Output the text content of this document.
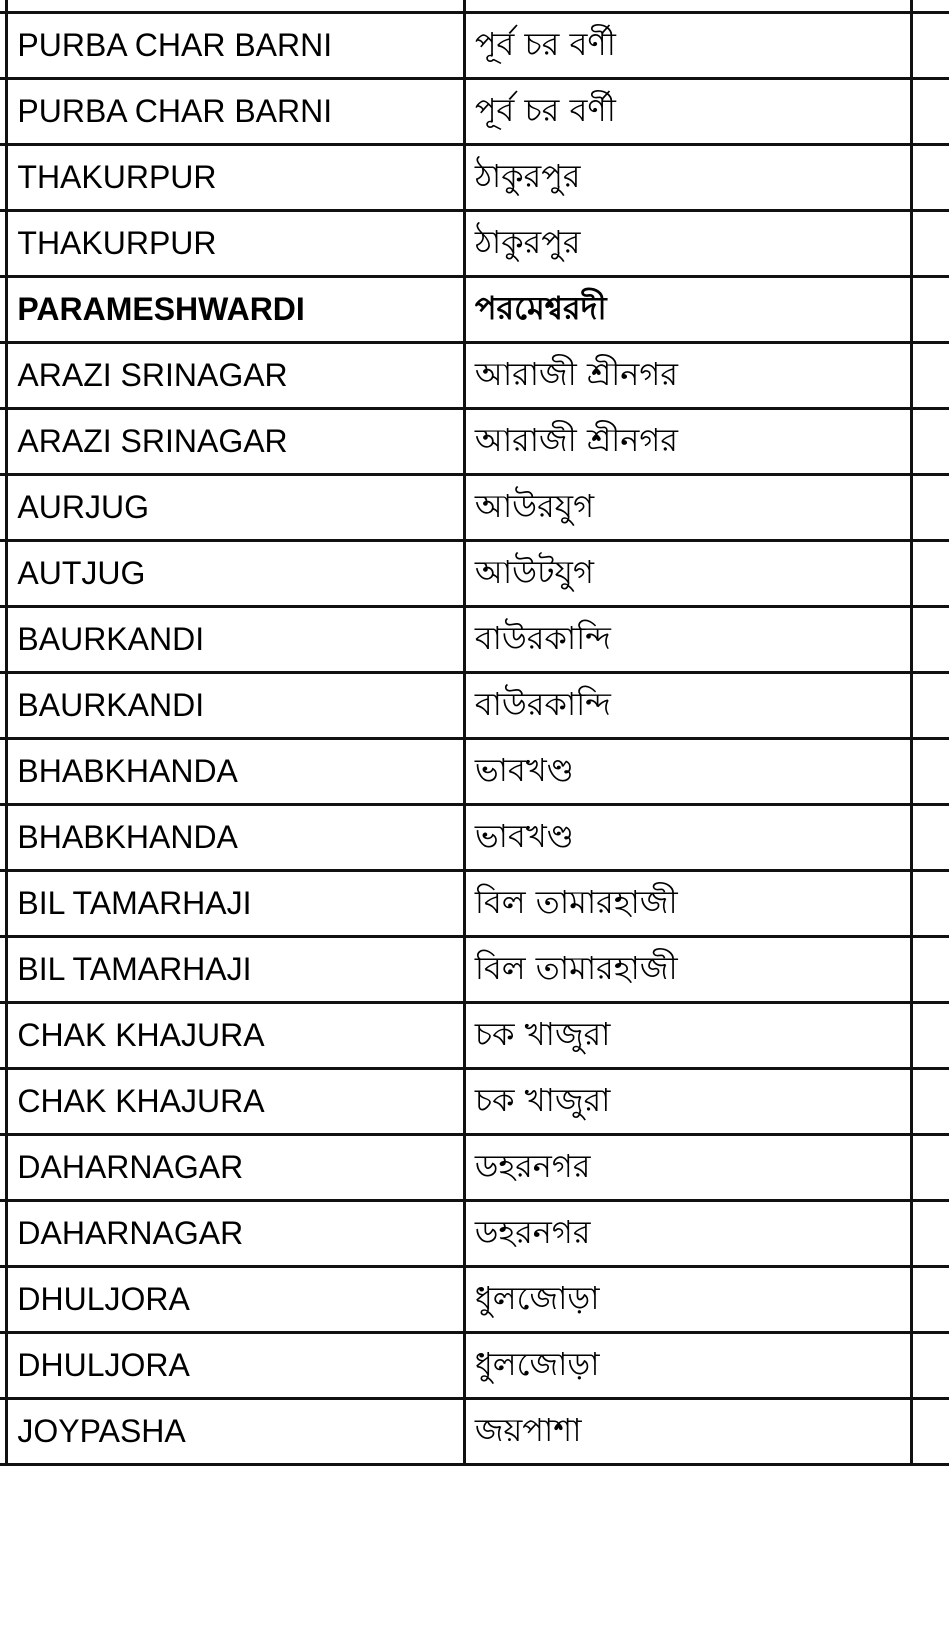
	PURBA CHAR BARNI	পূর্ব চর বর্ণী	
	PURBA CHAR BARNI	পূর্ব চর বর্ণী	
	THAKURPUR	ঠাকুরপুর	
	THAKURPUR	ঠাকুরপুর	
	PARAMESHWARDI	পরমেশ্বরদী	
	ARAZI SRINAGAR	আরাজী শ্রীনগর	
	ARAZI SRINAGAR	আরাজী শ্রীনগর	
	AURJUG	আউরযুগ	
	AUTJUG	আউটযুগ	
	BAURKANDI	বাউরকান্দি	
	BAURKANDI	বাউরকান্দি	
	BHABKHANDA	ভাবখণ্ড	
	BHABKHANDA	ভাবখণ্ড	
	BIL TAMARHAJI	বিল তামারহাজী	
	BIL TAMARHAJI	বিল তামারহাজী	
	CHAK KHAJURA	চক খাজুরা	
	CHAK KHAJURA	চক খাজুরা	
	DAHARNAGAR	ডহরনগর	
	DAHARNAGAR	ডহরনগর	
	DHULJORA	ধুলজোড়া	
	DHULJORA	ধুলজোড়া	
	JOYPASHA	জয়পাশা	
